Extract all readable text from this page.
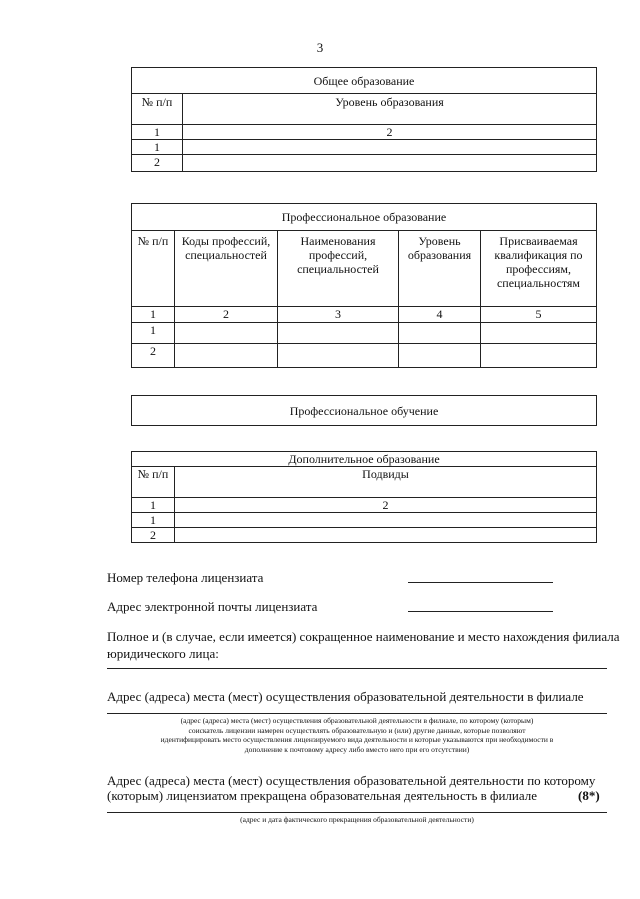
3
Общее образование	
№ п/п	Уровень образования
1	2
1	
2	
Профессиональное образование				
№ п/п	Коды профессий, специальностей	Наименования профессий, специальностей	Уровень образования	Присваиваемая квалификация по профессиям, специальностям
1	2	3	4	5
1				
2				
Профессиональное обучение
Дополнительное образование	
№ п/п	Подвиды
1	2
1	
2	
Номер телефона лицензиата
Адрес электронной почты лицензиата
Полное и (в случае, если имеется) сокращенное наименование и место нахождения филиала
юридического лица:
Адрес (адреса) места (мест) осуществления образовательной деятельности в филиале
(адрес (адреса) места (мест) осуществления образовательной деятельности в филиале, по которому (которым)
соискатель лицензии намерен осуществлять образовательную и (или) другие данные, которые позволяют
идентифицировать место осуществления лицензируемого вида деятельности и которые указываются при необходимости в
дополнение к почтовому адресу либо вместо него при его отсутствии)
Адрес (адреса) места (мест) осуществления образовательной деятельности по которому
(которым) лицензиатом прекращена образовательная деятельность в филиале	(8*)
(адрес и дата фактического прекращения образовательной деятельности)
